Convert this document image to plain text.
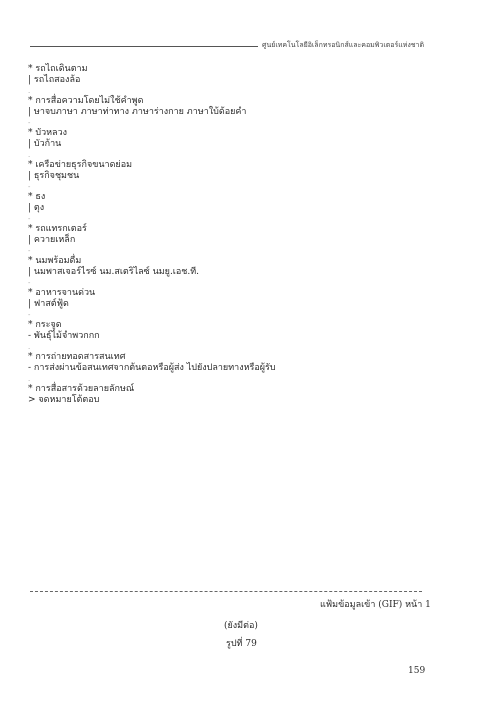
ศูนย์เทคโนโลยีอิเล็กทรอนิกส์และคอมพิวเตอร์แห่งชาติ
* รถไถเดินตาม
| รถไถสองล้อ
.
* การสื่อความโดยไม่ใช้คำพูด
| ษาจบภาษา ภาษาท่าทาง ภาษาร่างกาย ภาษาใบ้ด้อยคำ
-
* บัวหลวง
| บัวก้าน
.
* เครือข่ายธุรกิจขนาดย่อม
| ธุรกิจชุมชน
-
* ธง
| ตุง
-
* รถแทรกเตอร์
| ควายเหล็ก
-
* นมพร้อมดื่ม
| นมพาสเจอร์ไรซ์ นม.สเตริไลซ์ นมยู.เอช.ที.
-
* อาหารจานด่วน
| ฟาสต์ฟู้ด
-
* กระจูด
- พันธุ์ไม้จำพวกกก
.
* การถ่ายทอดสารสนเทศ
- การส่งผ่านข้อสนเทศจากต้นตอหรือผู้ส่ง ไปยังปลายทางหรือผู้รับ
.
* การสื่อสารด้วยลายลักษณ์
> จดหมายโต้ตอบ
แฟ้มข้อมูลเข้า (GIF) หน้า 1
(ยังมีต่อ)
รูปที่ 79
159
